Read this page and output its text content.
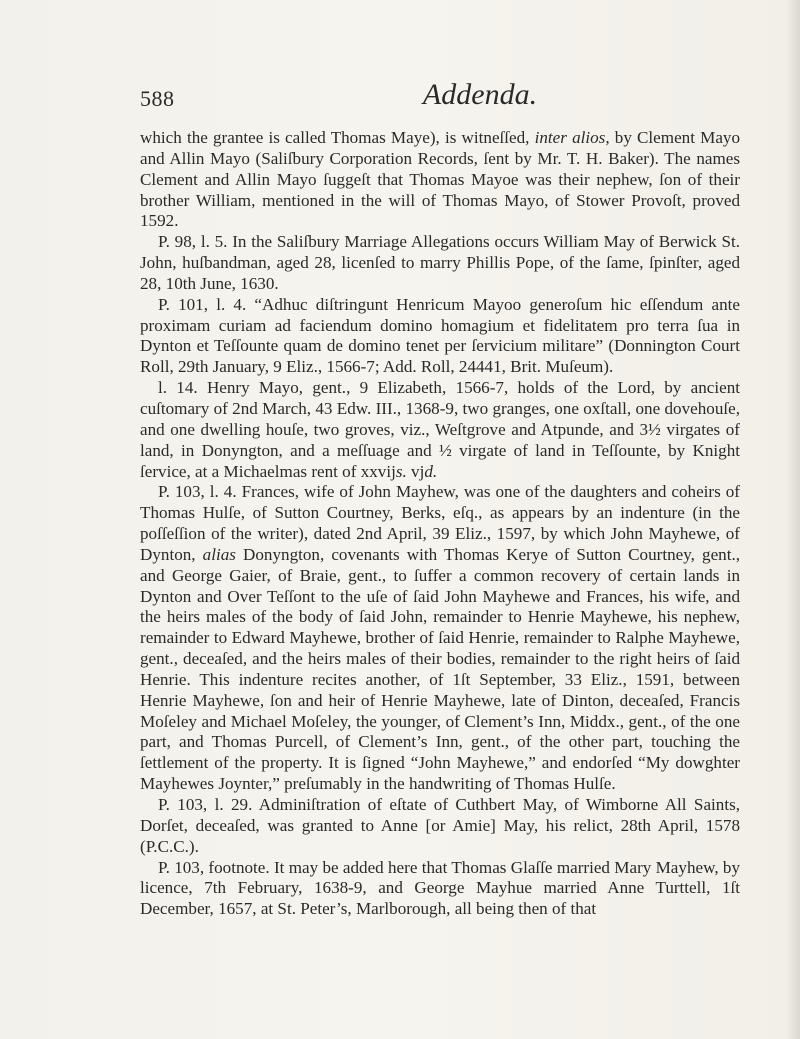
588	Addenda.

which the grantee is called Thomas Maye), is witneſſed, inter alios, by Clement Mayo and Allin Mayo (Saliſbury Corporation Records, ſent by Mr. T. H. Baker). The names Clement and Allin Mayo ſuggeſt that Thomas Mayoe was their nephew, ſon of their brother William, mentioned in the will of Thomas Mayo, of Stower Provoſt, proved 1592.

P. 98, l. 5. In the Saliſbury Marriage Allegations occurs William May of Berwick St. John, huſbandman, aged 28, licenſed to marry Phillis Pope, of the ſame, ſpinſter, aged 28, 10th June, 1630.

P. 101, l. 4. “Adhuc diſtringunt Henricum Mayoo generoſum hic eſſendum ante proximam curiam ad faciendum domino homagium et fidelitatem pro terra ſua in Dynton et Teſſounte quam de domino tenet per ſervicium militare” (Donnington Court Roll, 29th January, 9 Eliz., 1566-7; Add. Roll, 24441, Brit. Muſeum).

l. 14. Henry Mayo, gent., 9 Elizabeth, 1566-7, holds of the Lord, by ancient cuſtomary of 2nd March, 43 Edw. III., 1368-9, two granges, one oxſtall, one dovehouſe, and one dwelling houſe, two groves, viz., Weſtgrove and Atpunde, and 3½ virgates of land, in Donyngton, and a meſſuage and ½ virgate of land in Teſſounte, by Knight ſervice, at a Michaelmas rent of xxvijs. vjd.

P. 103, l. 4. Frances, wife of John Mayhew, was one of the daughters and coheirs of Thomas Hulſe, of Sutton Courtney, Berks, eſq., as appears by an indenture (in the poſſeſſion of the writer), dated 2nd April, 39 Eliz., 1597, by which John Mayhewe, of Dynton, alias Donyngton, covenants with Thomas Kerye of Sutton Courtney, gent., and George Gaier, of Braie, gent., to ſuffer a common recovery of certain lands in Dynton and Over Teſſont to the uſe of ſaid John Mayhewe and Frances, his wife, and the heirs males of the body of ſaid John, remainder to Henrie Mayhewe, his nephew, remainder to Edward Mayhewe, brother of ſaid Henrie, remainder to Ralphe Mayhewe, gent., deceaſed, and the heirs males of their bodies, remainder to the right heirs of ſaid Henrie. This indenture recites another, of 1ſt September, 33 Eliz., 1591, between Henrie Mayhewe, ſon and heir of Henrie Mayhewe, late of Dinton, deceaſed, Francis Moſeley and Michael Moſeley, the younger, of Clement’s Inn, Middx., gent., of the one part, and Thomas Purcell, of Clement’s Inn, gent., of the other part, touching the ſettlement of the property. It is ſigned “John Mayhewe,” and endorſed “My dowghter Mayhewes Joynter,” preſumably in the handwriting of Thomas Hulſe.

P. 103, l. 29. Adminiſtration of eſtate of Cuthbert May, of Wimborne All Saints, Dorſet, deceaſed, was granted to Anne [or Amie] May, his relict, 28th April, 1578 (P.C.C.).

P. 103, footnote. It may be added here that Thomas Glaſſe married Mary Mayhew, by licence, 7th February, 1638-9, and George Mayhue married Anne Turttell, 1ſt December, 1657, at St. Peter’s, Marlborough, all being then of that
